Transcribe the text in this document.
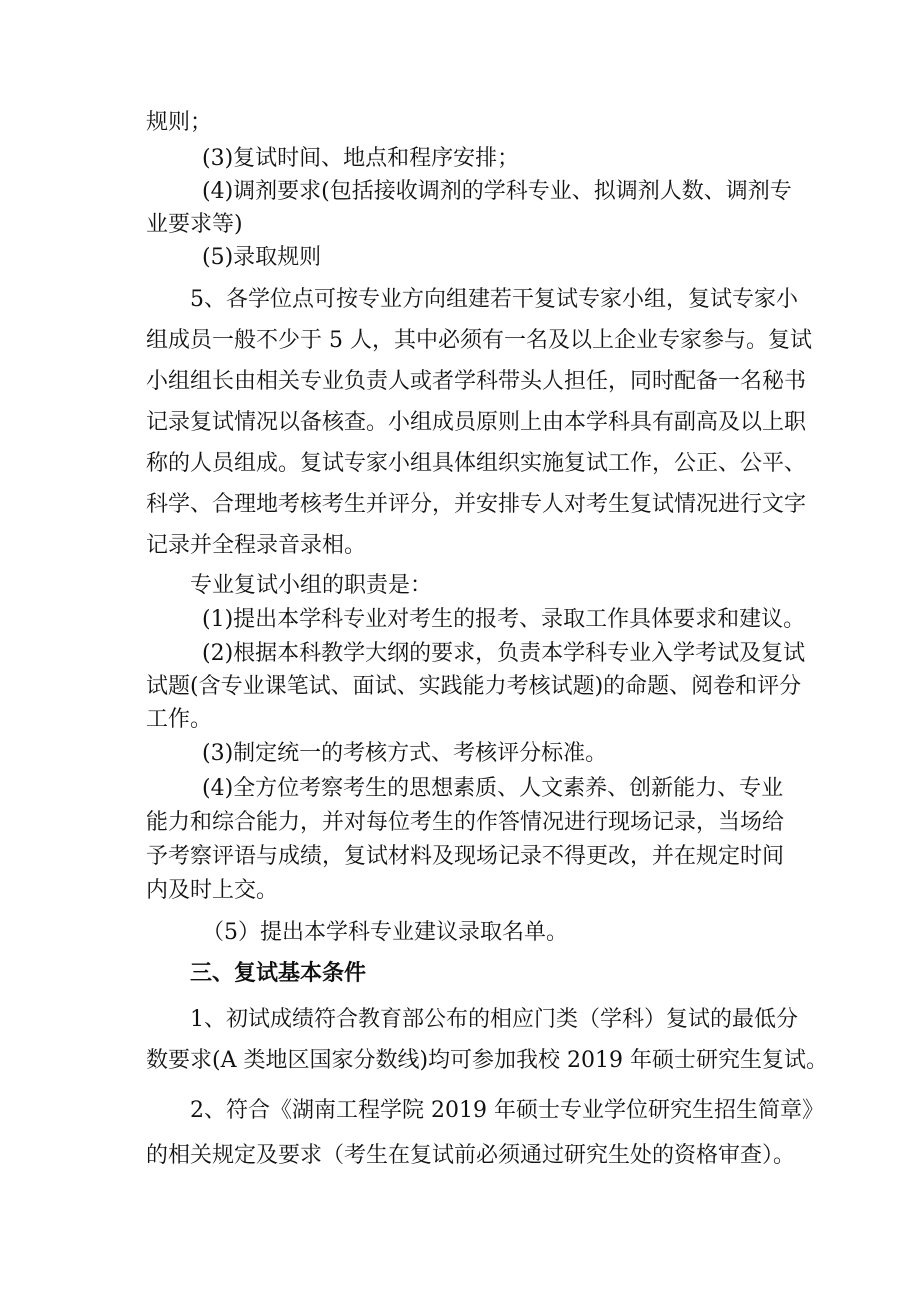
规则；

(3)复试时间、地点和程序安排；

(4)调剂要求(包括接收调剂的学科专业、拟调剂人数、调剂专

业要求等)

(5)录取规则

5、各学位点可按专业方向组建若干复试专家小组，复试专家小

组成员一般不少于 5 人，其中必须有一名及以上企业专家参与。复试

小组组长由相关专业负责人或者学科带头人担任，同时配备一名秘书

记录复试情况以备核查。小组成员原则上由本学科具有副高及以上职

称的人员组成。复试专家小组具体组织实施复试工作，公正、公平、

科学、合理地考核考生并评分，并安排专人对考生复试情况进行文字

记录并全程录音录相。

专业复试小组的职责是：

(1)提出本学科专业对考生的报考、录取工作具体要求和建议。

(2)根据本科教学大纲的要求，负责本学科专业入学考试及复试

试题(含专业课笔试、面试、实践能力考核试题)的命题、阅卷和评分

工作。

(3)制定统一的考核方式、考核评分标准。

(4)全方位考察考生的思想素质、人文素养、创新能力、专业

能力和综合能力，并对每位考生的作答情况进行现场记录，当场给

予考察评语与成绩，复试材料及现场记录不得更改，并在规定时间

内及时上交。

（5）提出本学科专业建议录取名单。

三、复试基本条件

1、初试成绩符合教育部公布的相应门类（学科）复试的最低分

数要求(A 类地区国家分数线)均可参加我校 2019 年硕士研究生复试。

2、符合《湖南工程学院 2019 年硕士专业学位研究生招生简章》

的相关规定及要求（考生在复试前必须通过研究生处的资格审查）。
